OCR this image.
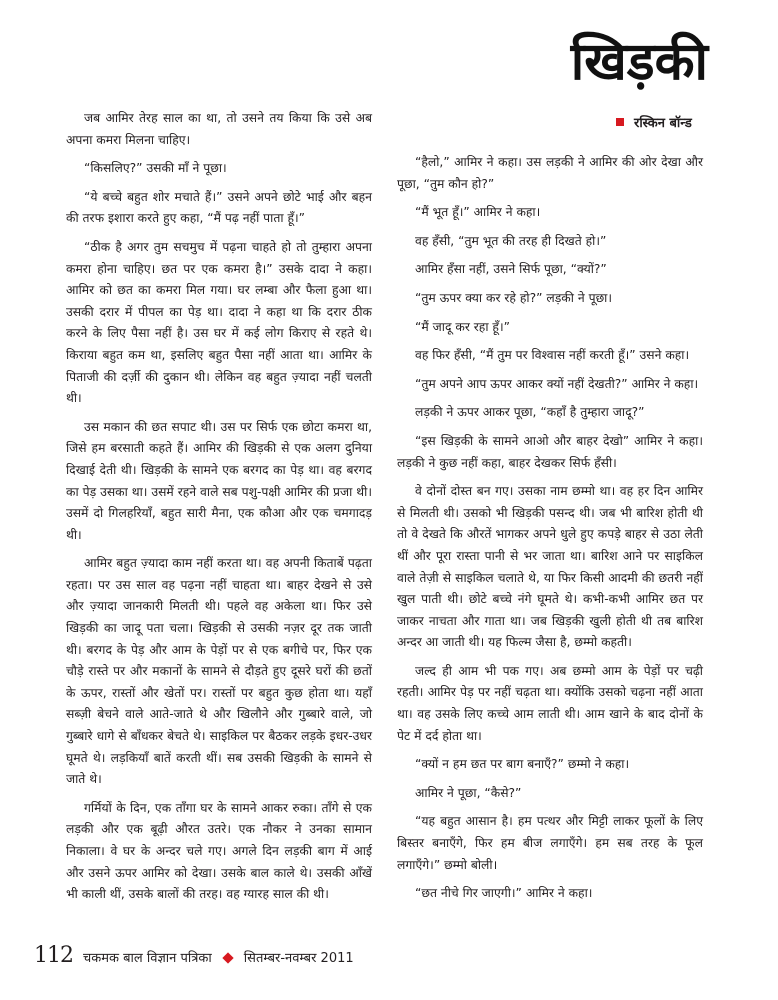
खिड़की
रस्किन बॉन्ड

जब आमिर तेरह साल का था, तो उसने तय किया कि उसे अब अपना कमरा मिलना चाहिए।

“किसलिए?” उसकी माँ ने पूछा।

“ये बच्चे बहुत शोर मचाते हैं।” उसने अपने छोटे भाई और बहन की तरफ इशारा करते हुए कहा, “मैं पढ़ नहीं पाता हूँ।”

“ठीक है अगर तुम सचमुच में पढ़ना चाहते हो तो तुम्हारा अपना कमरा होना चाहिए। छत पर एक कमरा है।” उसके दादा ने कहा। आमिर को छत का कमरा मिल गया। घर लम्बा और फैला हुआ था। उसकी दरार में पीपल का पेड़ था। दादा ने कहा था कि दरार ठीक करने के लिए पैसा नहीं है। उस घर में कई लोग किराए से रहते थे। किराया बहुत कम था, इसलिए बहुत पैसा नहीं आता था। आमिर के पिताजी की दर्ज़ी की दुकान थी। लेकिन वह बहुत ज़्यादा नहीं चलती थी।

उस मकान की छत सपाट थी। उस पर सिर्फ एक छोटा कमरा था, जिसे हम बरसाती कहते हैं। आमिर की खिड़की से एक अलग दुनिया दिखाई देती थी। खिड़की के सामने एक बरगद का पेड़ था। वह बरगद का पेड़ उसका था। उसमें रहने वाले सब पशु-पक्षी आमिर की प्रजा थी। उसमें दो गिलहरियाँ, बहुत सारी मैना, एक कौआ और एक चमगादड़ थी।

आमिर बहुत ज़्यादा काम नहीं करता था। वह अपनी किताबें पढ़ता रहता। पर उस साल वह पढ़ना नहीं चाहता था। बाहर देखने से उसे और ज़्यादा जानकारी मिलती थी। पहले वह अकेला था। फिर उसे खिड़की का जादू पता चला। खिड़की से उसकी नज़र दूर तक जाती थी। बरगद के पेड़ और आम के पेड़ों पर से एक बगीचे पर, फिर एक चौड़े रास्ते पर और मकानों के सामने से दौड़ते हुए दूसरे घरों की छतों के ऊपर, रास्तों और खेतों पर। रास्तों पर बहुत कुछ होता था। यहाँ सब्ज़ी बेचने वाले आते-जाते थे और खिलौने और गुब्बारे वाले, जो गुब्बारे धागे से बाँधकर बेचते थे। साइकिल पर बैठकर लड़के इधर-उधर घूमते थे। लड़कियाँ बातें करती थीं। सब उसकी खिड़की के सामने से जाते थे।

गर्मियों के दिन, एक ताँगा घर के सामने आकर रुका। ताँगे से एक लड़की और एक बूढ़ी औरत उतरे। एक नौकर ने उनका सामान निकाला। वे घर के अन्दर चले गए। अगले दिन लड़की बाग में आई और उसने ऊपर आमिर को देखा। उसके बाल काले थे। उसकी आँखें भी काली थीं, उसके बालों की तरह। वह ग्यारह साल की थी।

“हैलो,” आमिर ने कहा। उस लड़की ने आमिर की ओर देखा और पूछा, “तुम कौन हो?”

“मैं भूत हूँ।” आमिर ने कहा।

वह हँसी, “तुम भूत की तरह ही दिखते हो।”

आमिर हँसा नहीं, उसने सिर्फ पूछा, “क्यों?”

“तुम ऊपर क्या कर रहे हो?” लड़की ने पूछा।

“मैं जादू कर रहा हूँ।”

वह फिर हँसी, “मैं तुम पर विश्वास नहीं करती हूँ।” उसने कहा।

“तुम अपने आप ऊपर आकर क्यों नहीं देखती?” आमिर ने कहा।

लड़की ने ऊपर आकर पूछा, “कहाँ है तुम्हारा जादू?”

“इस खिड़की के सामने आओ और बाहर देखो” आमिर ने कहा। लड़की ने कुछ नहीं कहा, बाहर देखकर सिर्फ हँसी।

वे दोनों दोस्त बन गए। उसका नाम छम्मो था। वह हर दिन आमिर से मिलती थी। उसको भी खिड़की पसन्द थी। जब भी बारिश होती थी तो वे देखते कि औरतें भागकर अपने धुले हुए कपड़े बाहर से उठा लेती थीं और पूरा रास्ता पानी से भर जाता था। बारिश आने पर साइकिल वाले तेज़ी से साइकिल चलाते थे, या फिर किसी आदमी की छतरी नहीं खुल पाती थी। छोटे बच्चे नंगे घूमते थे। कभी-कभी आमिर छत पर जाकर नाचता और गाता था। जब खिड़की खुली होती थी तब बारिश अन्दर आ जाती थी। यह फिल्म जैसा है, छम्मो कहती।

जल्द ही आम भी पक गए। अब छम्मो आम के पेड़ों पर चढ़ी रहती। आमिर पेड़ पर नहीं चढ़ता था। क्योंकि उसको चढ़ना नहीं आता था। वह उसके लिए कच्चे आम लाती थी। आम खाने के बाद दोनों के पेट में दर्द होता था।

“क्यों न हम छत पर बाग बनाएँ?” छम्मो ने कहा।

आमिर ने पूछा, “कैसे?”

“यह बहुत आसान है। हम पत्थर और मिट्टी लाकर फूलों के लिए बिस्तर बनाएँगे, फिर हम बीज लगाएँगे। हम सब तरह के फूल लगाएँगे।” छम्मो बोली।

“छत नीचे गिर जाएगी।” आमिर ने कहा।

112 चकमक बाल विज्ञान पत्रिका सितम्बर-नवम्बर 2011
